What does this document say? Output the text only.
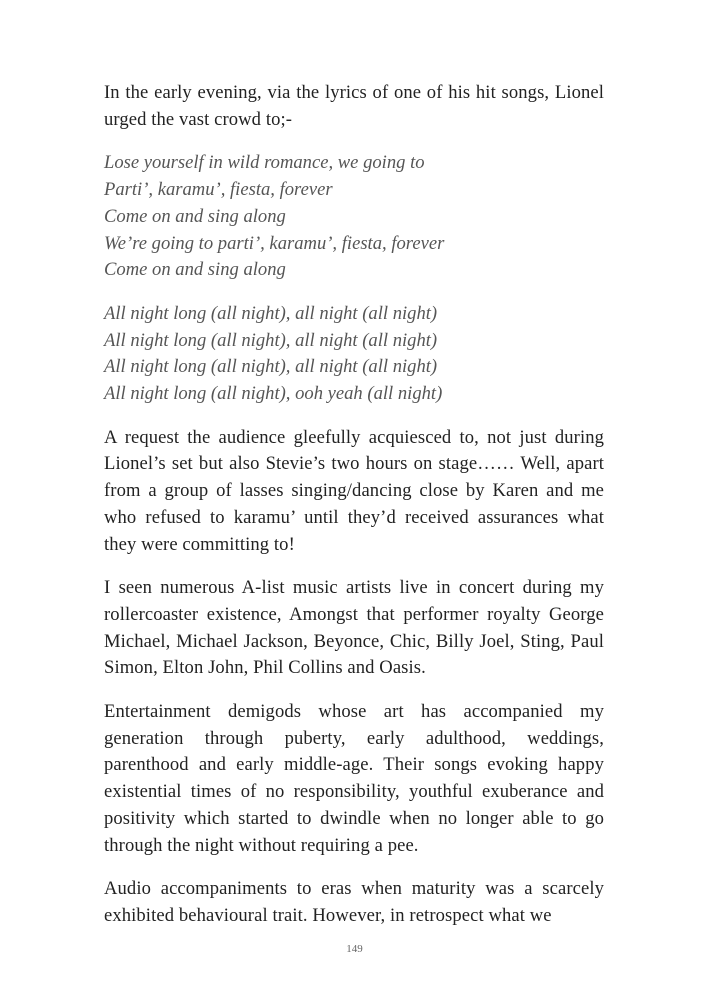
In the early evening, via the lyrics of one of his hit songs, Lionel urged the vast crowd to;-

Lose yourself in wild romance, we going to
Parti’, karamu’, fiesta, forever
Come on and sing along
We’re going to parti’, karamu’, fiesta, forever
Come on and sing along
All night long (all night), all night (all night)
All night long (all night), all night (all night)
All night long (all night), all night (all night)
All night long (all night), ooh yeah (all night)

A request the audience gleefully acquiesced to, not just during Lionel’s set but also Stevie’s two hours on stage…… Well, apart from a group of lasses singing/dancing close by Karen and me who refused to karamu’ until they’d received assurances what they were committing to!

I seen numerous A-list music artists live in concert during my rollercoaster existence, Amongst that performer royalty George Michael, Michael Jackson, Beyonce, Chic, Billy Joel, Sting, Paul Simon, Elton John, Phil Collins and Oasis.

Entertainment demigods whose art has accompanied my generation through puberty, early adulthood, weddings, parenthood and early middle-age. Their songs evoking happy existential times of no responsibility, youthful exuberance and positivity which started to dwindle when no longer able to go through the night without requiring a pee.

Audio accompaniments to eras when maturity was a scarcely exhibited behavioural trait. However, in retrospect what we

149
